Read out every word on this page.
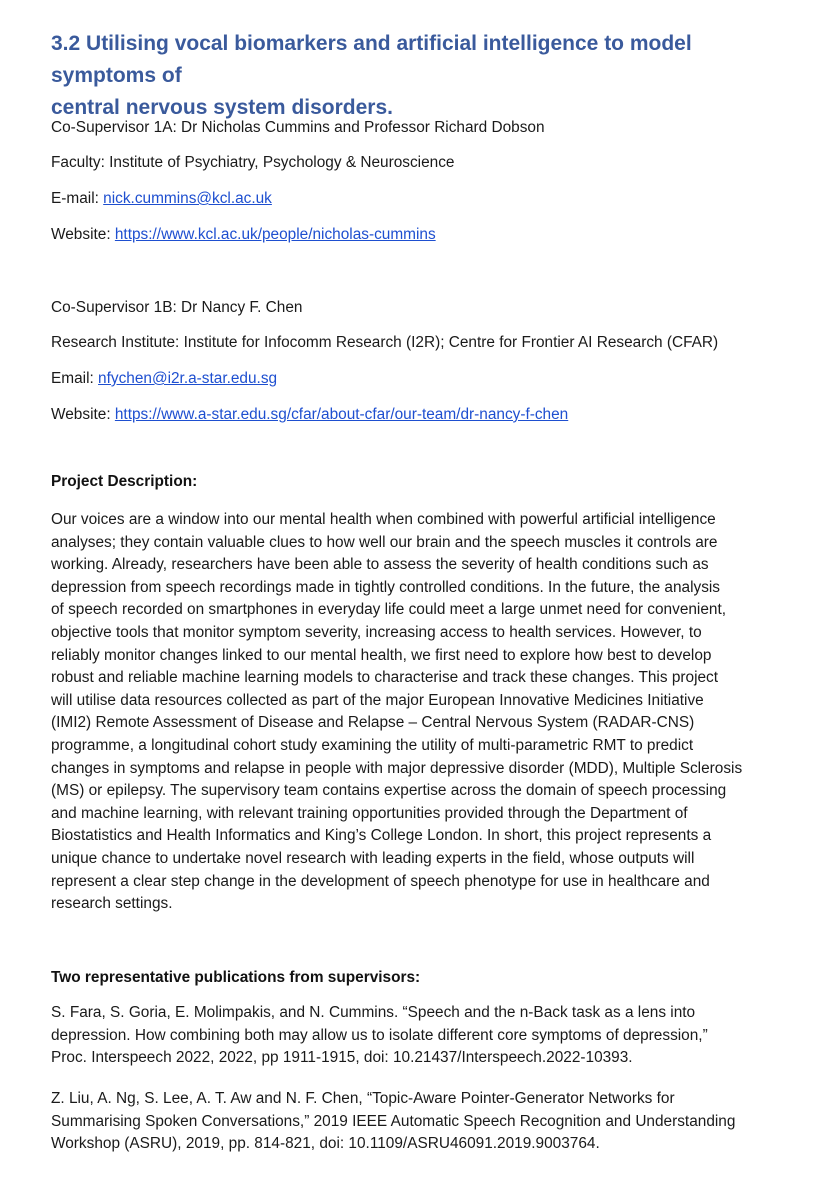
3.2 Utilising vocal biomarkers and artificial intelligence to model symptoms of
central nervous system disorders.

Co-Supervisor 1A: Dr Nicholas Cummins and Professor Richard Dobson

Faculty: Institute of Psychiatry, Psychology & Neuroscience

E-mail: nick.cummins@kcl.ac.uk

Website: https://www.kcl.ac.uk/people/nicholas-cummins

Co-Supervisor 1B: Dr Nancy F. Chen

Research Institute: Institute for Infocomm Research (I2R); Centre for Frontier AI Research (CFAR)

Email: nfychen@i2r.a-star.edu.sg

Website: https://www.a-star.edu.sg/cfar/about-cfar/our-team/dr-nancy-f-chen

Project Description:
Our voices are a window into our mental health when combined with powerful artificial intelligence
analyses; they contain valuable clues to how well our brain and the speech muscles it controls are
working. Already, researchers have been able to assess the severity of health conditions such as
depression from speech recordings made in tightly controlled conditions. In the future, the analysis
of speech recorded on smartphones in everyday life could meet a large unmet need for convenient,
objective tools that monitor symptom severity, increasing access to health services. However, to
reliably monitor changes linked to our mental health, we first need to explore how best to develop
robust and reliable machine learning models to characterise and track these changes. This project
will utilise data resources collected as part of the major European Innovative Medicines Initiative
(IMI2) Remote Assessment of Disease and Relapse – Central Nervous System (RADAR-CNS)
programme, a longitudinal cohort study examining the utility of multi-parametric RMT to predict
changes in symptoms and relapse in people with major depressive disorder (MDD), Multiple Sclerosis
(MS) or epilepsy. The supervisory team contains expertise across the domain of speech processing
and machine learning, with relevant training opportunities provided through the Department of
Biostatistics and Health Informatics and King’s College London. In short, this project represents a
unique chance to undertake novel research with leading experts in the field, whose outputs will
represent a clear step change in the development of speech phenotype for use in healthcare and
research settings.
Two representative publications from supervisors:
S. Fara, S. Goria, E. Molimpakis, and N. Cummins. “Speech and the n-Back task as a lens into
depression. How combining both may allow us to isolate different core symptoms of depression,”
Proc. Interspeech 2022, 2022, pp 1911-1915, doi: 10.21437/Interspeech.2022-10393.
Z. Liu, A. Ng, S. Lee, A. T. Aw and N. F. Chen, “Topic-Aware Pointer-Generator Networks for
Summarising Spoken Conversations,” 2019 IEEE Automatic Speech Recognition and Understanding
Workshop (ASRU), 2019, pp. 814-821, doi: 10.1109/ASRU46091.2019.9003764.
